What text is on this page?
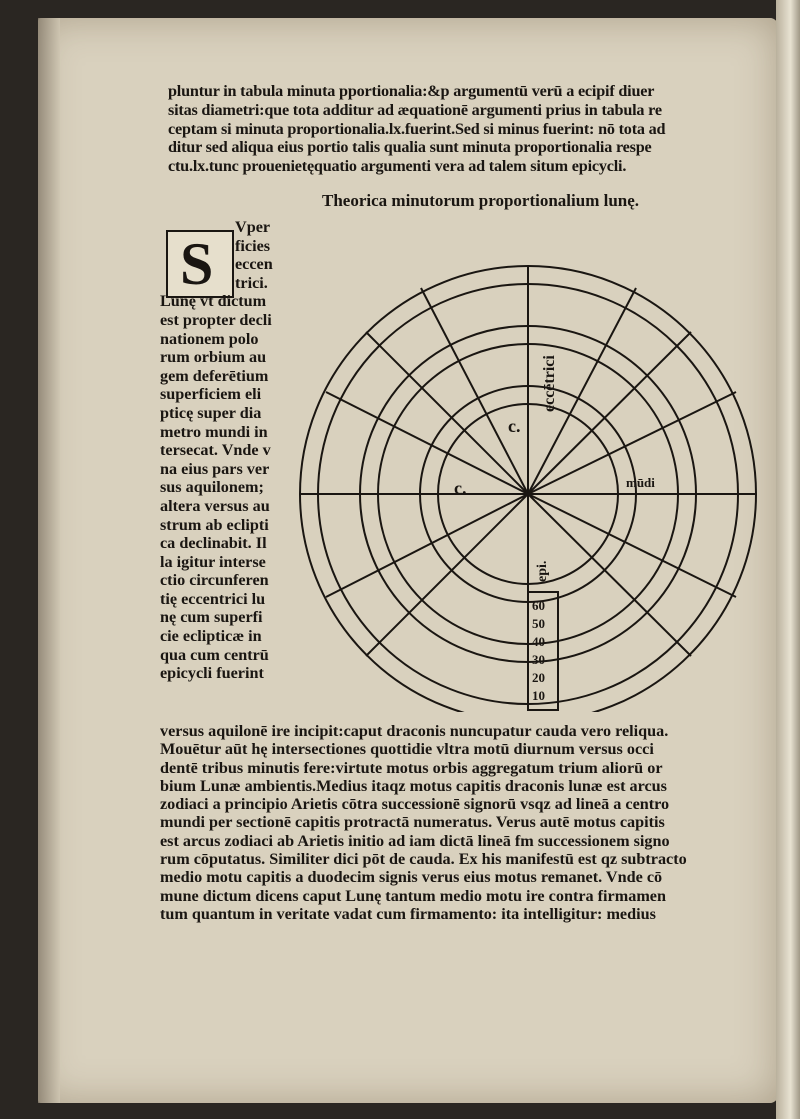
pluntur in tabula minuta pportionalia:&p argumentū verū a ecipif diuer
sitas diametri:que tota additur ad æquationē argumenti prius in tabula re
ceptam si minuta proportionalia.lx.fuerint.Sed si minus fuerint: nō tota ad
ditur sed aliqua eius portio talis qualia sunt minuta proportionalia respe
ctu.lx.tunc prouenietęquatio argumenti vera ad talem situm epicycli.
Theorica minutorum proportionalium lunę.
S
Vper
ficies
eccen
trici.
Lunę vt dictum
est propter decli
nationem polo
rum orbium au
gem deferētium
superficiem eli
pticę super dia
metro mundi in
tersecat. Vnde v
na eius pars ver
sus aquilonem;
altera versus au
strum ab eclipti
ca declinabit. Il
la igitur interse
ctio circunferen
tię eccentrici lu
nę cum superfi
cie eclipticæ in
qua cum centrū
epicycli fuerint
eccētrici
mūdi
c.
c.
epi.
60
50
40
30
20
10
versus aquilonē ire incipit:caput draconis nuncupatur cauda vero reliqua.
Mouētur aūt hę intersectiones quottidie vltra motū diurnum versus occi
dentē tribus minutis fere:virtute motus orbis aggregatum trium aliorū or
bium Lunæ ambientis.Medius itaqz motus capitis draconis lunæ est arcus
zodiaci a principio Arietis cōtra successionē signorū vsqz ad lineā a centro
mundi per sectionē capitis protractā numeratus. Verus autē motus capitis
est arcus zodiaci ab Arietis initio ad iam dictā lineā fm successionem signo
rum cōputatus. Similiter dici pōt de cauda. Ex his manifestū est qz subtracto
medio motu capitis a duodecim signis verus eius motus remanet. Vnde cō
mune dictum dicens caput Lunę tantum medio motu ire contra firmamen
tum quantum in veritate vadat cum firmamento: ita intelligitur: medius
